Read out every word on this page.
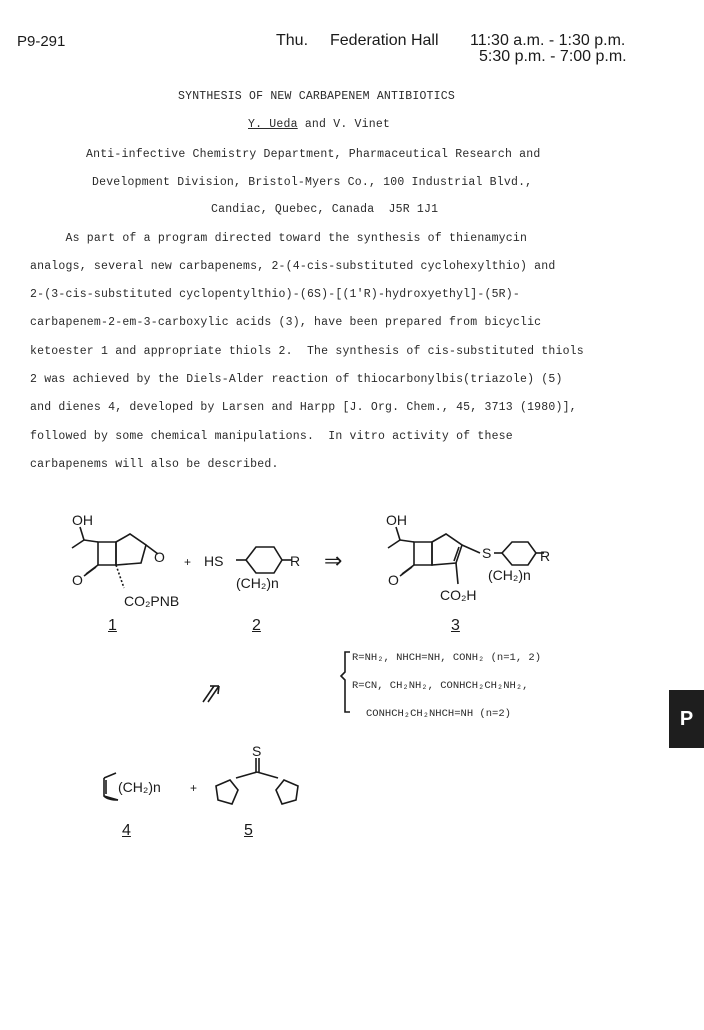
P9-291	Thu. Federation Hall 11:30 a.m. - 1:30 p.m.
5:30 p.m. - 7:00 p.m.
SYNTHESIS OF NEW CARBAPENEM ANTIBIOTICS
Y. Ueda and V. Vinet
Anti-infective Chemistry Department, Pharmaceutical Research and
Development Division, Bristol-Myers Co., 100 Industrial Blvd.,
Candiac, Quebec, Canada  J5R 1J1
As part of a program directed toward the synthesis of thienamycin
analogs, several new carbapenems, 2-(4-cis-substituted cyclohexylthio) and
2-(3-cis-substituted cyclopentylthio)-(6S)-[(1'R)-hydroxyethyl]-(5R)-
carbapenem-2-em-3-carboxylic acids (3), have been prepared from bicyclic
ketoester 1 and appropriate thiols 2.  The synthesis of cis-substituted thiols
2 was achieved by the Diels-Alder reaction of thiocarbonylbis(triazole) (5)
and dienes 4, developed by Larsen and Harpp [J. Org. Chem., 45, 3713 (1980)],
followed by some chemical manipulations.  In vitro activity of these
carbapenems will also be described.
OH
O
O
CO₂PNB
+ HS	R
(CH₂)n
⇒
OH
O
S	R
(CH₂)n
CO₂H
(CH₂)n +
S
1	2	3
4	5
R=NH₂, NHCH=NH, CONH₂ (n=1, 2)
R=CN, CH₂NH₂, CONHCH₂CH₂NH₂,
CONHCH₂CH₂NHCH=NH (n=2)	P
